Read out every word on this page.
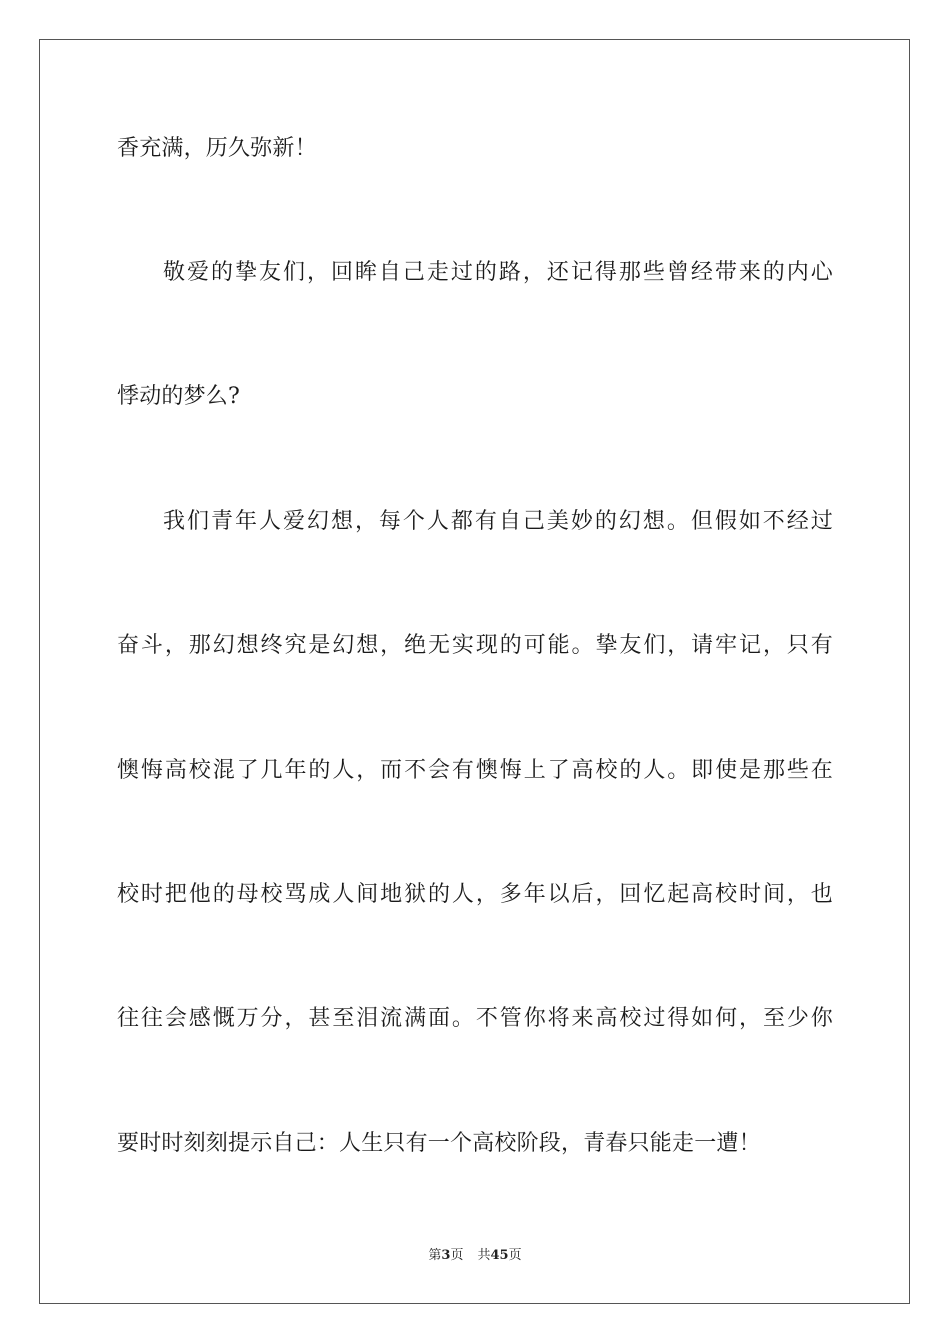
香充满，历久弥新！
敬爱的挚友们，回眸自己走过的路，还记得那些曾经带来的内心
悸动的梦么?
我们青年人爱幻想，每个人都有自己美妙的幻想。但假如不经过
奋斗，那幻想终究是幻想，绝无实现的可能。挚友们，请牢记，只有
懊悔高校混了几年的人，而不会有懊悔上了高校的人。即使是那些在
校时把他的母校骂成人间地狱的人，多年以后，回忆起高校时间，也
往往会感慨万分，甚至泪流满面。不管你将来高校过得如何，至少你
要时时刻刻提示自己：人生只有一个高校阶段，青春只能走一遭！
第3页 共45页
